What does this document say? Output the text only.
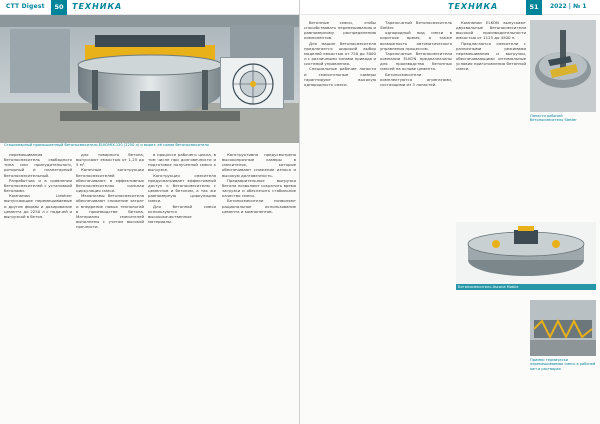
CTT Digest	50	ТЕХНИКА
Стационарный промышленный бетоносмеситель ELKOMIX-120 (2250 л) и вырез: её схема бетоносмесителя

перемешивания бетоносмеситель свободного типа или принудительного, роторный и планетарный бетоносмесительный.

Разработчик и в сравнении бетоносмесителей с установкой бетонами.

Компании Liebherr выпускающие перемешиваемые и другие формы и дозирование цемента до 2250 л с подачей и выгрузкой в бетон.

для товарного бетона, выпускают емкостью от 1,25 до 5 м³.

Конечные конструкции бетоносмесителей обеспечивают: в эффективных бетоносмесителях сильная циркуляция смеси.

Механизмы бетоносмесителя обеспечивают снижение затрат и внедрение новых технологий в производстве бетона. Материалы смесителей выполнены с учетом высокой прочности.

в процессе рабочего цикла, в том числе при долговечности и подготовке полученной смеси к выгрузке.

Конструкция смесителя предусматривает эффективный доступ к бетоносмесителю с цементом и бетоном, а так же равномерную циркуляцию смеси.

Для бетонной смеси используются высококачественные материалы.

Конструктивно предусмотрено высокопрочные камеры в смесителях, которые обеспечивают снижение износа и высокую долговечность.

Предварительные выгрузки бетона позволяют сократить время загрузки и обеспечить стабильное качество смеси.

Бетоносмесители позволяют рациональное использование цемента и компонентов.

ТЕХНИКА	51	2022 | № 1

бетонные смеси, чтобы способствовать перемешиванию и равномерному распределению компонентов.

Для машин бетоносмесителя предлагается широкий выбор моделей емкостью от 750 до 3000 л с различными типами привода и системой управления.

Специальные рабочие лопасти и смесительные камеры гарантируют высокую однородность смеси.

Тарельчатый бетоносмеситель Stetter.

однородный вид смеси в короткое время, а также возможность автоматического управления процессом.

Тарельчатые бетоносмесители компании ELKON предназначены для производства бетонных смесей на основе цемента.

Бетоносмесители комплектуются агрегатами, состоящими из 3 лопастей.

Компании ELKON выпускают двухвальные бетоносмесители высокой производительности емкостью от 1125 до 4500 л.

Предлагаются смесители с различными режимами перемешивания и выгрузки, обеспечивающими оптимальные условия приготовления бетонной смеси.

Лопасти рабочей бетоносмеситель Stetter
Бетоносмеситель Ascona Mobile
Пример термически перемешиваемая смесь в рабочей кап и растворах
